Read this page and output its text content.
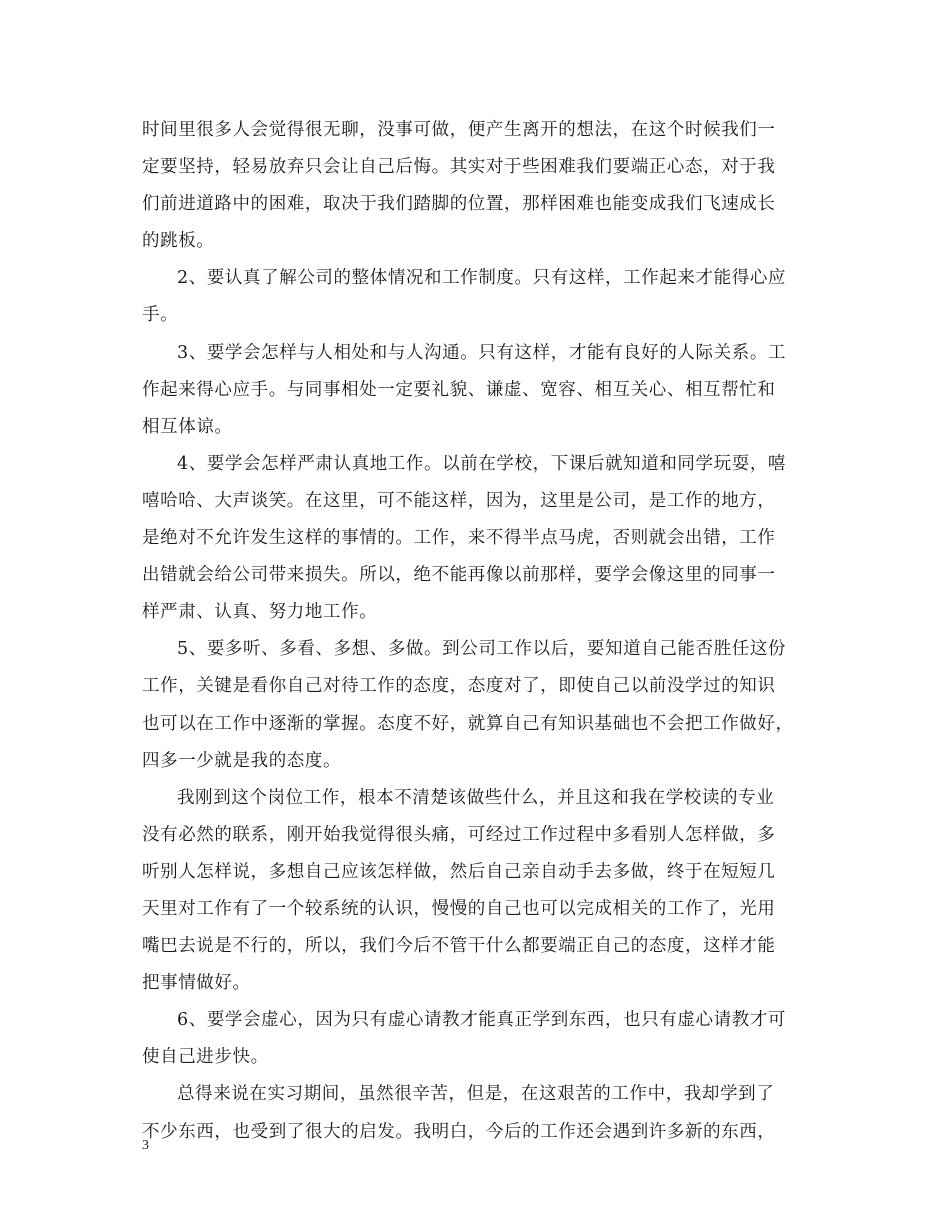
时间里很多人会觉得很无聊，没事可做，便产生离开的想法，在这个时候我们一
定要坚持，轻易放弃只会让自己后悔。其实对于些困难我们要端正心态，对于我
们前进道路中的困难，取决于我们踏脚的位置，那样困难也能变成我们飞速成长
的跳板。
2、要认真了解公司的整体情况和工作制度。只有这样，工作起来才能得心应
手。
3、要学会怎样与人相处和与人沟通。只有这样，才能有良好的人际关系。工
作起来得心应手。与同事相处一定要礼貌、谦虚、宽容、相互关心、相互帮忙和
相互体谅。
4、要学会怎样严肃认真地工作。以前在学校，下课后就知道和同学玩耍，嘻
嘻哈哈、大声谈笑。在这里，可不能这样，因为，这里是公司，是工作的地方，
是绝对不允许发生这样的事情的。工作，来不得半点马虎，否则就会出错，工作
出错就会给公司带来损失。所以，绝不能再像以前那样，要学会像这里的同事一
样严肃、认真、努力地工作。
5、要多听、多看、多想、多做。到公司工作以后，要知道自己能否胜任这份
工作，关键是看你自己对待工作的态度，态度对了，即使自己以前没学过的知识
也可以在工作中逐渐的掌握。态度不好，就算自己有知识基础也不会把工作做好，
四多一少就是我的态度。
我刚到这个岗位工作，根本不清楚该做些什么，并且这和我在学校读的专业
没有必然的联系，刚开始我觉得很头痛，可经过工作过程中多看别人怎样做，多
听别人怎样说，多想自己应该怎样做，然后自己亲自动手去多做，终于在短短几
天里对工作有了一个较系统的认识，慢慢的自己也可以完成相关的工作了，光用
嘴巴去说是不行的，所以，我们今后不管干什么都要端正自己的态度，这样才能
把事情做好。
6、要学会虚心，因为只有虚心请教才能真正学到东西，也只有虚心请教才可
使自己进步快。
总得来说在实习期间，虽然很辛苦，但是，在这艰苦的工作中，我却学到了
不少东西，也受到了很大的启发。我明白，今后的工作还会遇到许多新的东西，
3
